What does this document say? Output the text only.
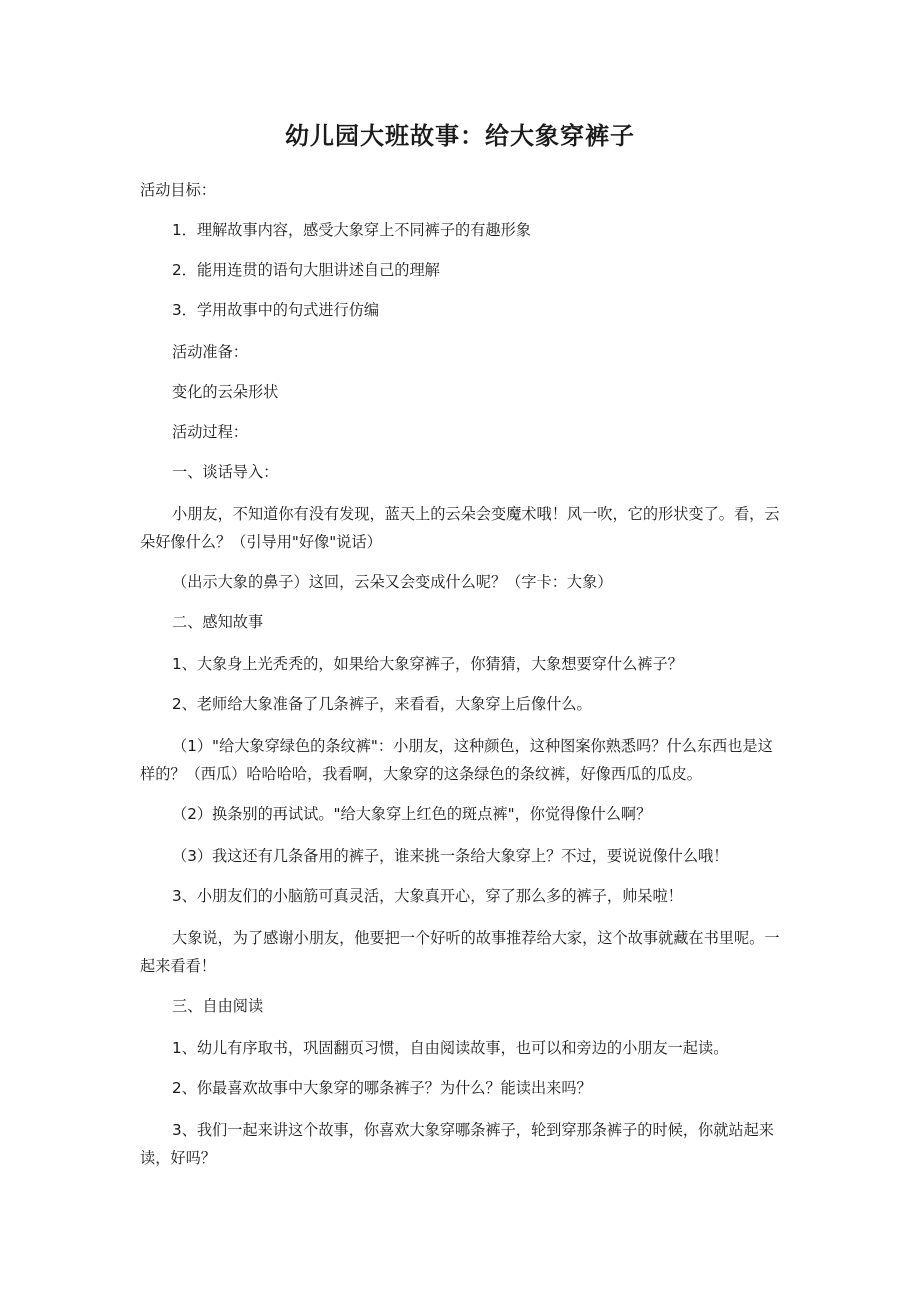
幼儿园大班故事：给大象穿裤子

活动目标：

1．理解故事内容，感受大象穿上不同裤子的有趣形象

2．能用连贯的语句大胆讲述自己的理解

3．学用故事中的句式进行仿编

活动准备：

变化的云朵形状

活动过程：

一、谈话导入：

小朋友，不知道你有没有发现，蓝天上的云朵会变魔术哦！风一吹，它的形状变了。看，云朵好像什么？（引导用"好像"说话）

（出示大象的鼻子）这回，云朵又会变成什么呢？（字卡：大象）

二、感知故事

1、大象身上光秃秃的，如果给大象穿裤子，你猜猜，大象想要穿什么裤子？

2、老师给大象准备了几条裤子，来看看，大象穿上后像什么。

（1）"给大象穿绿色的条纹裤"：小朋友，这种颜色，这种图案你熟悉吗？什么东西也是这样的？（西瓜）哈哈哈哈，我看啊，大象穿的这条绿色的条纹裤，好像西瓜的瓜皮。

（2）换条别的再试试。"给大象穿上红色的斑点裤"，你觉得像什么啊？

（3）我这还有几条备用的裤子，谁来挑一条给大象穿上？不过，要说说像什么哦！

3、小朋友们的小脑筋可真灵活，大象真开心，穿了那么多的裤子，帅呆啦！

大象说，为了感谢小朋友，他要把一个好听的故事推荐给大家，这个故事就藏在书里呢。一起来看看！

三、自由阅读

1、幼儿有序取书，巩固翻页习惯，自由阅读故事，也可以和旁边的小朋友一起读。

2、你最喜欢故事中大象穿的哪条裤子？为什么？能读出来吗？

3、我们一起来讲这个故事，你喜欢大象穿哪条裤子，轮到穿那条裤子的时候，你就站起来读，好吗？
